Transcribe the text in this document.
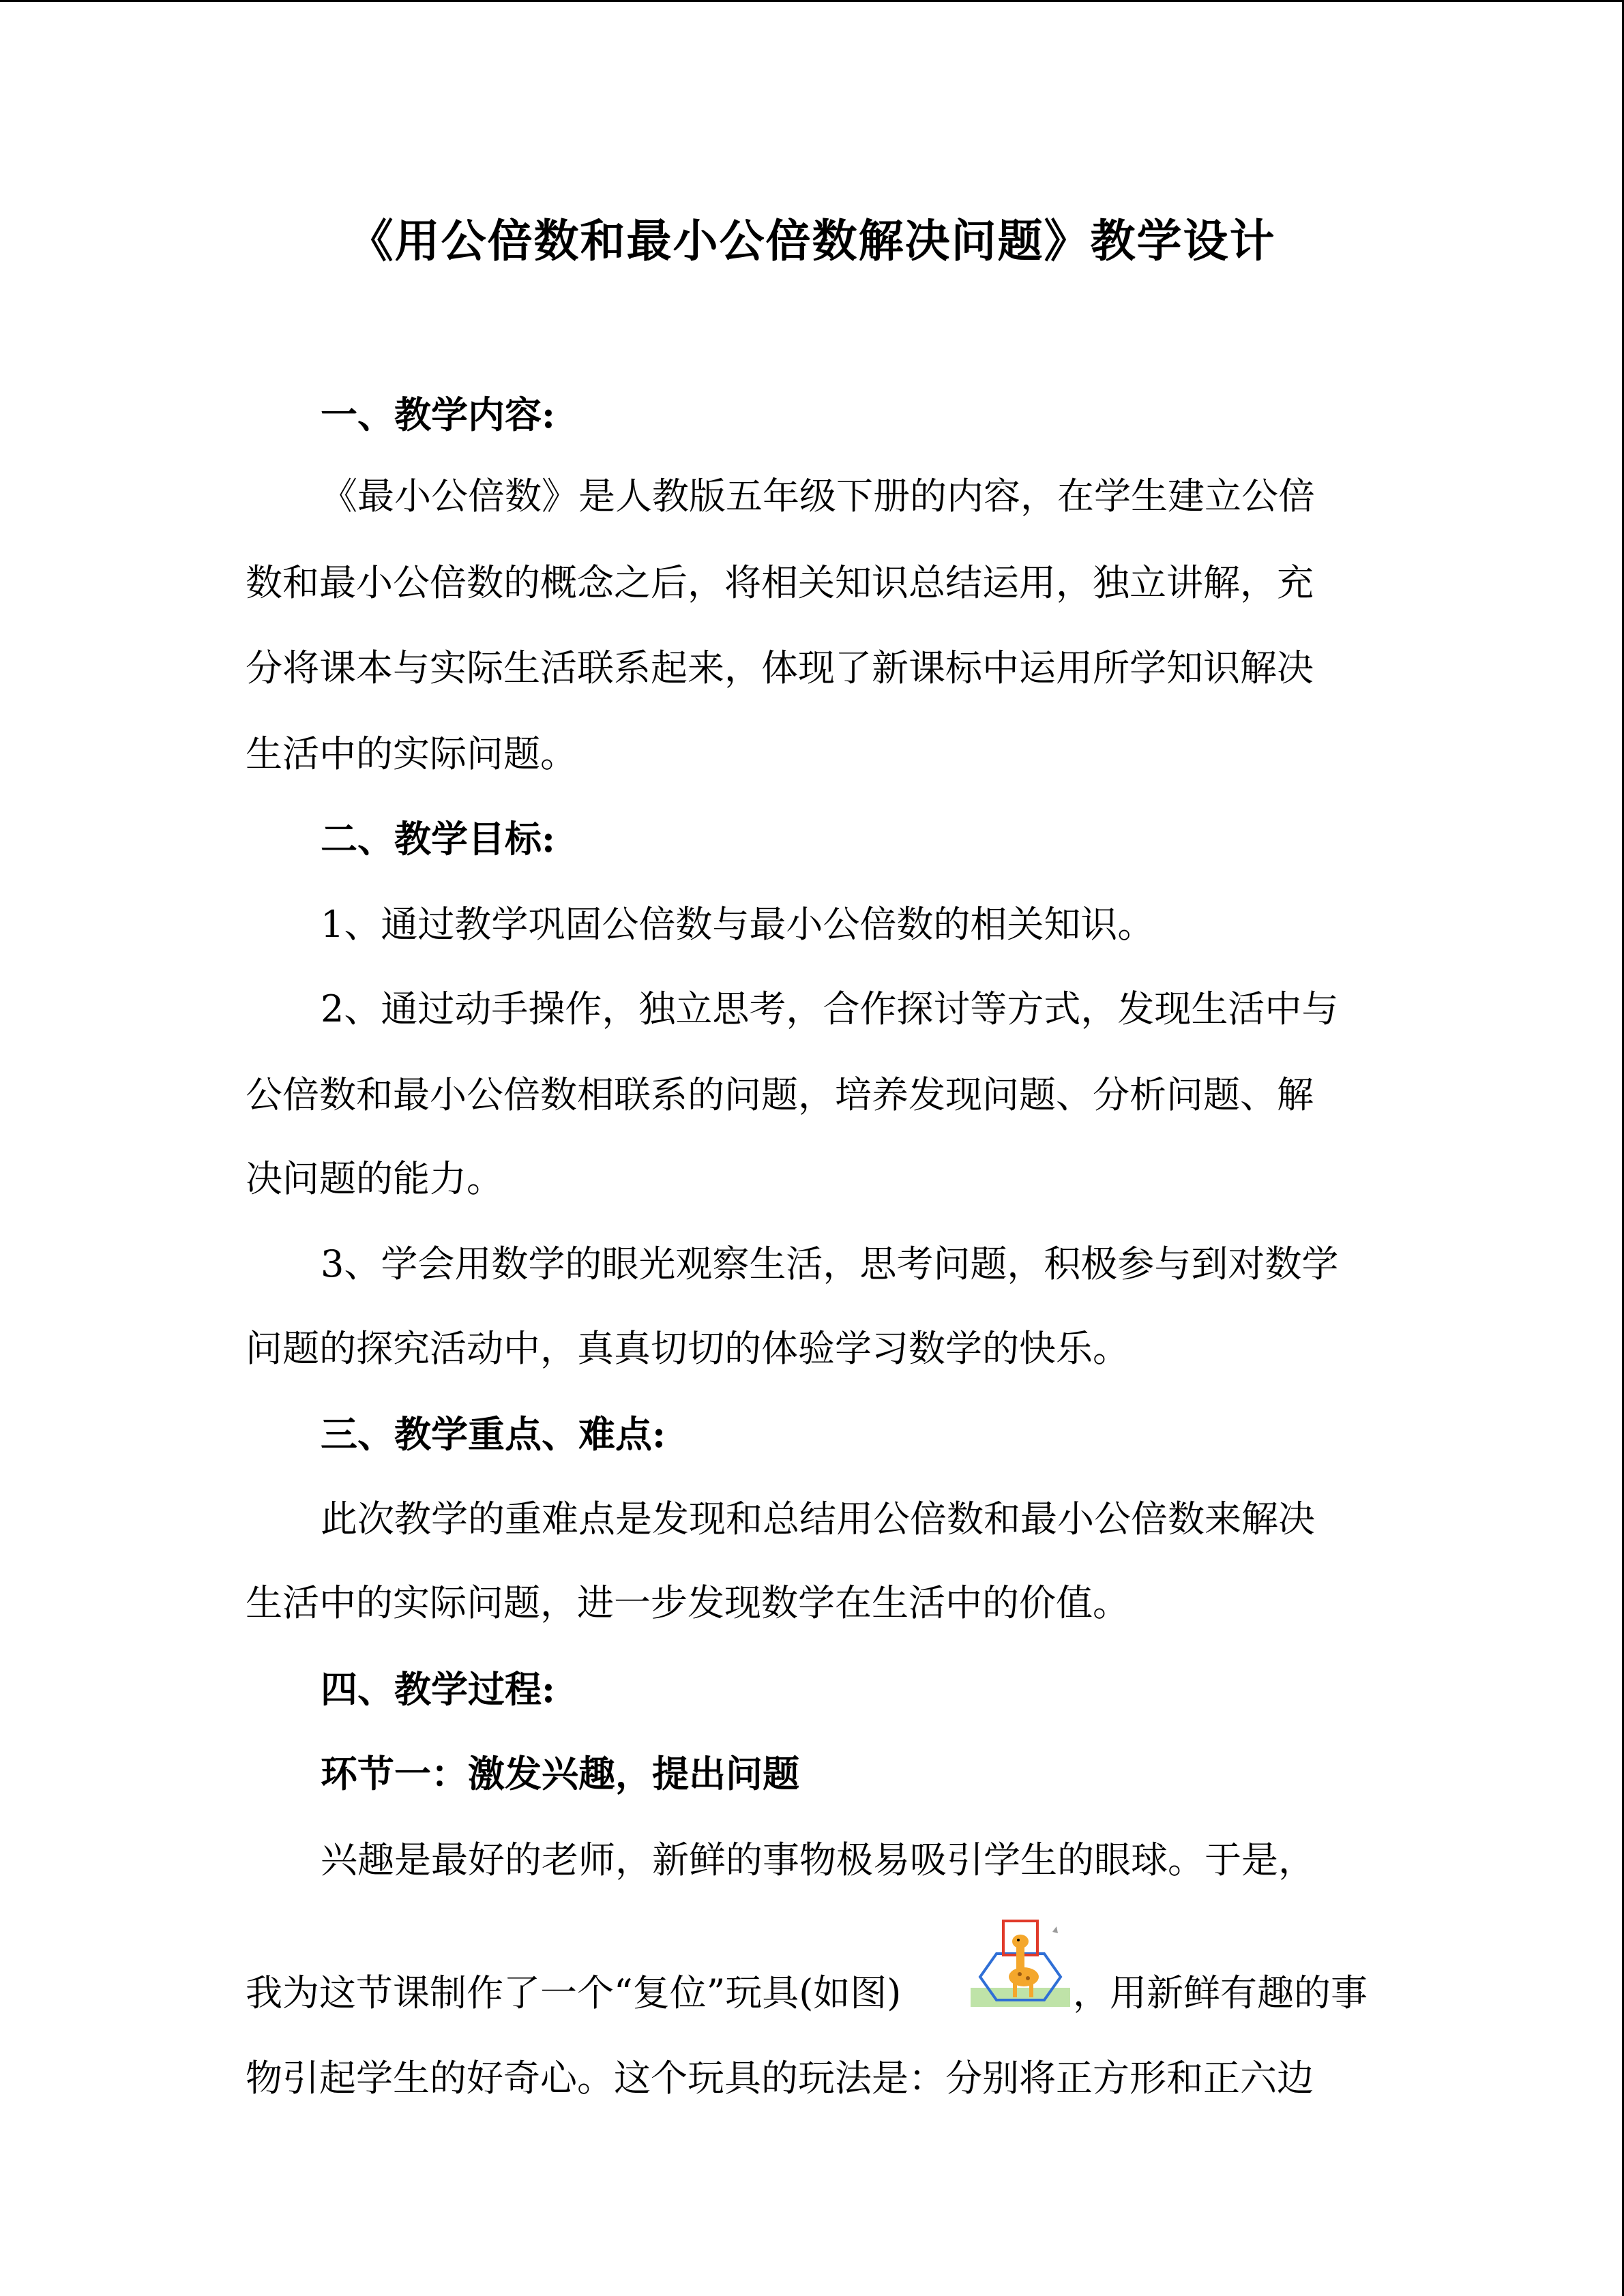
《用公倍数和最小公倍数解决问题》教学设计
一、教学内容:
《最小公倍数》是人教版五年级下册的内容，在学生建立公倍
数和最小公倍数的概念之后，将相关知识总结运用，独立讲解，充
分将课本与实际生活联系起来，体现了新课标中运用所学知识解决
生活中的实际问题。
二、教学目标:
1、通过教学巩固公倍数与最小公倍数的相关知识。
2、通过动手操作，独立思考，合作探讨等方式，发现生活中与
公倍数和最小公倍数相联系的问题，培养发现问题、分析问题、解
决问题的能力。
3、学会用数学的眼光观察生活，思考问题，积极参与到对数学
问题的探究活动中，真真切切的体验学习数学的快乐。
三、教学重点、难点:
此次教学的重难点是发现和总结用公倍数和最小公倍数来解决
生活中的实际问题，进一步发现数学在生活中的价值。
四、教学过程:
环节一：激发兴趣，提出问题
兴趣是最好的老师，新鲜的事物极易吸引学生的眼球。于是，
我为这节课制作了一个“复位”玩具(如图)	，用新鲜有趣的事
物引起学生的好奇心。这个玩具的玩法是：分别将正方形和正六边
